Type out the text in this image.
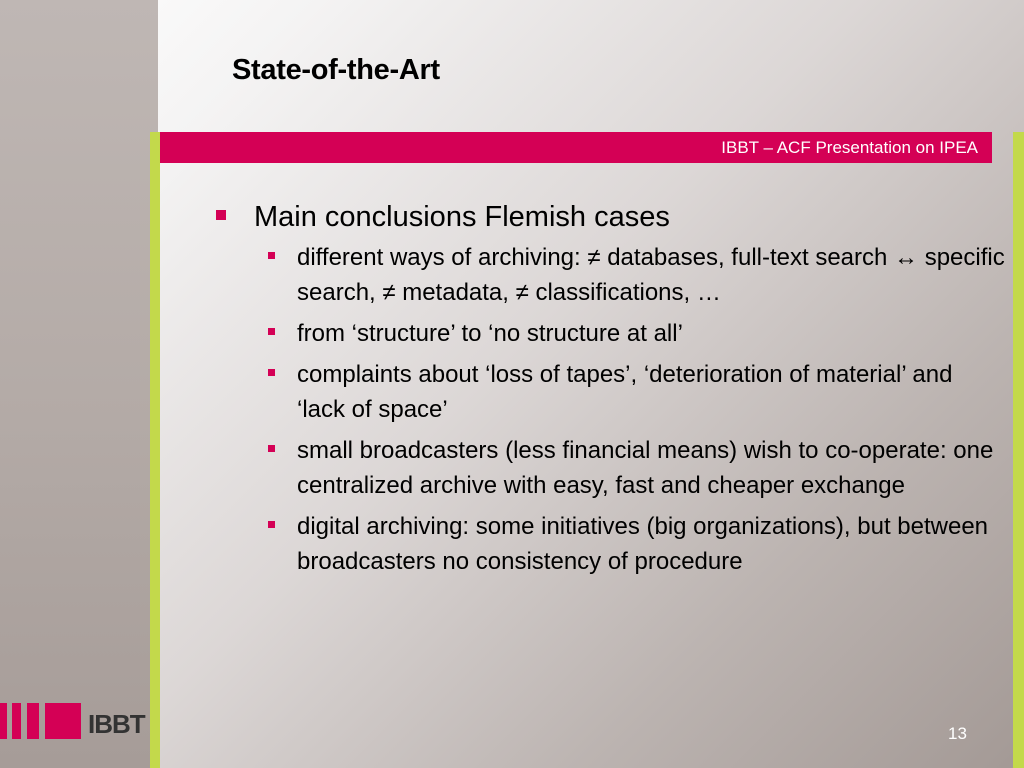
State-of-the-Art
IBBT – ACF Presentation on IPEA
Main conclusions Flemish cases
different ways of archiving: ≠ databases, full-text search ↔ specific search, ≠ metadata, ≠ classifications, …
from ‘structure’ to ‘no structure at all’
complaints about ‘loss of tapes’, ‘deterioration of material’ and ‘lack of space’
small broadcasters (less financial means) wish to co-operate: one centralized archive with easy, fast and cheaper exchange
digital archiving: some initiatives (big organizations), but between broadcasters no consistency of procedure
IBBT	13
